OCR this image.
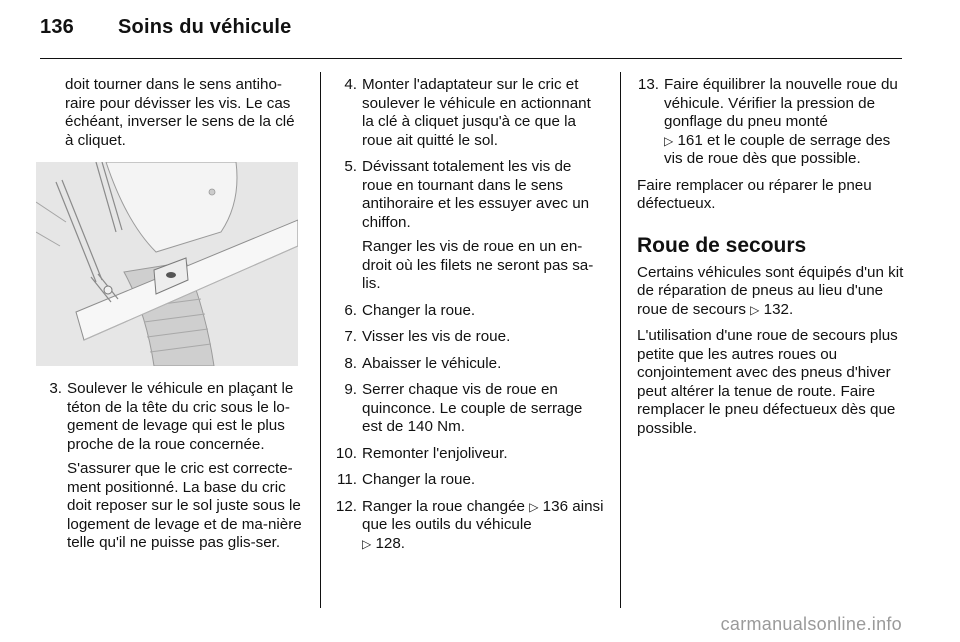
136 Soins du véhicule

doit tourner dans le sens antiho-raire pour dévisser les vis. Le cas échéant, inverser le sens de la clé à cliquet.

3. Soulever le véhicule en plaçant le téton de la tête du cric sous le lo-gement de levage qui est le plus proche de la roue concernée.

S'assurer que le cric est correcte-ment positionné. La base du cric doit reposer sur le sol juste sous le logement de levage et de ma-nière telle qu'il ne puisse pas glis-ser.

4. Monter l'adaptateur sur le cric et soulever le véhicule en actionnant la clé à cliquet jusqu'à ce que la roue ait quitté le sol.
5. Dévissant totalement les vis de roue en tournant dans le sens antihoraire et les essuyer avec un chiffon.

Ranger les vis de roue en un en-droit où les filets ne seront pas sa-lis.

6. Changer la roue.
7. Visser les vis de roue.
8. Abaisser le véhicule.
9. Serrer chaque vis de roue en quinconce. Le couple de serrage est de 140 Nm.
10. Remonter l'enjoliveur.
11. Changer la roue.
12. Ranger la roue changée ▷ 136 ainsi que les outils du véhicule
▷ 128.
13. Faire équilibrer la nouvelle roue du véhicule. Vérifier la pression de gonflage du pneu monté
▷ 161 et le couple de serrage des vis de roue dès que possible.

Faire remplacer ou réparer le pneu défectueux.

Roue de secours

Certains véhicules sont équipés d'un kit de réparation de pneus au lieu d'une roue de secours ▷ 132.

L'utilisation d'une roue de secours plus petite que les autres roues ou conjointement avec des pneus d'hiver peut altérer la tenue de route. Faire remplacer le pneu défectueux dès que possible.

carmanualsonline.info
